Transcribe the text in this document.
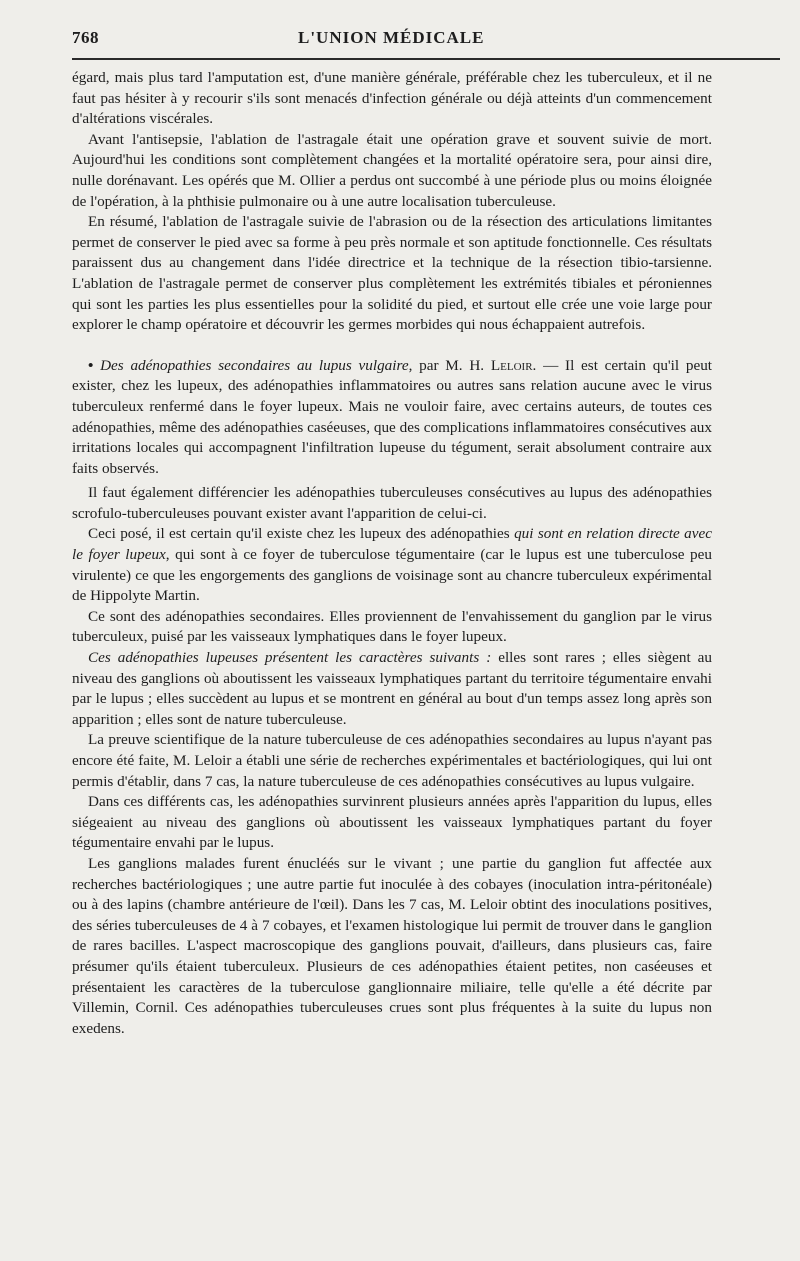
768	L'UNION MÉDICALE

égard, mais plus tard l'amputation est, d'une manière générale, préférable chez les tuberculeux, et il ne faut pas hésiter à y recourir s'ils sont menacés d'infection générale ou déjà atteints d'un commencement d'altérations viscérales.

Avant l'antisepsie, l'ablation de l'astragale était une opération grave et souvent suivie de mort. Aujourd'hui les conditions sont complètement changées et la mortalité opératoire sera, pour ainsi dire, nulle dorénavant. Les opérés que M. Ollier a perdus ont succombé à une période plus ou moins éloignée de l'opération, à la phthisie pulmonaire ou à une autre localisation tuberculeuse.

En résumé, l'ablation de l'astragale suivie de l'abrasion ou de la résection des articulations limitantes permet de conserver le pied avec sa forme à peu près normale et son aptitude fonctionnelle. Ces résultats paraissent dus au changement dans l'idée directrice et la technique de la résection tibio-tarsienne. L'ablation de l'astragale permet de conserver plus complètement les extrémités tibiales et péroniennes qui sont les parties les plus essentielles pour la solidité du pied, et surtout elle crée une voie large pour explorer le champ opératoire et découvrir les germes morbides qui nous échappaient autrefois.

• Des adénopathies secondaires au lupus vulgaire, par M. H. Leloir. — Il est certain qu'il peut exister, chez les lupeux, des adénopathies inflammatoires ou autres sans relation aucune avec le virus tuberculeux renfermé dans le foyer lupeux. Mais ne vouloir faire, avec certains auteurs, de toutes ces adénopathies, même des adénopathies caséeuses, que des complications inflammatoires consécutives aux irritations locales qui accompagnent l'infiltration lupeuse du tégument, serait absolument contraire aux faits observés.

Il faut également différencier les adénopathies tuberculeuses consécutives au lupus des adénopathies scrofulo-tuberculeuses pouvant exister avant l'apparition de celui-ci.

Ceci posé, il est certain qu'il existe chez les lupeux des adénopathies qui sont en relation directe avec le foyer lupeux, qui sont à ce foyer de tuberculose tégumentaire (car le lupus est une tuberculose peu virulente) ce que les engorgements des ganglions de voisinage sont au chancre tuberculeux expérimental de Hippolyte Martin.

Ce sont des adénopathies secondaires. Elles proviennent de l'envahissement du ganglion par le virus tuberculeux, puisé par les vaisseaux lymphatiques dans le foyer lupeux.

Ces adénopathies lupeuses présentent les caractères suivants : elles sont rares ; elles siègent au niveau des ganglions où aboutissent les vaisseaux lymphatiques partant du territoire tégumentaire envahi par le lupus ; elles succèdent au lupus et se montrent en général au bout d'un temps assez long après son apparition ; elles sont de nature tuberculeuse.

La preuve scientifique de la nature tuberculeuse de ces adénopathies secondaires au lupus n'ayant pas encore été faite, M. Leloir a établi une série de recherches expérimentales et bactériologiques, qui lui ont permis d'établir, dans 7 cas, la nature tuberculeuse de ces adénopathies consécutives au lupus vulgaire.

Dans ces différents cas, les adénopathies survinrent plusieurs années après l'apparition du lupus, elles siégeaient au niveau des ganglions où aboutissent les vaisseaux lymphatiques partant du foyer tégumentaire envahi par le lupus.

Les ganglions malades furent énucléés sur le vivant ; une partie du ganglion fut affectée aux recherches bactériologiques ; une autre partie fut inoculée à des cobayes (inoculation intra-péritonéale) ou à des lapins (chambre antérieure de l'œil). Dans les 7 cas, M. Leloir obtint des inoculations positives, des séries tuberculeuses de 4 à 7 cobayes, et l'examen histologique lui permit de trouver dans le ganglion de rares bacilles. L'aspect macroscopique des ganglions pouvait, d'ailleurs, dans plusieurs cas, faire présumer qu'ils étaient tuberculeux. Plusieurs de ces adénopathies étaient petites, non caséeuses et présentaient les caractères de la tuberculose ganglionnaire miliaire, telle qu'elle a été décrite par Villemin, Cornil. Ces adénopathies tuberculeuses crues sont plus fréquentes à la suite du lupus non exedens.
